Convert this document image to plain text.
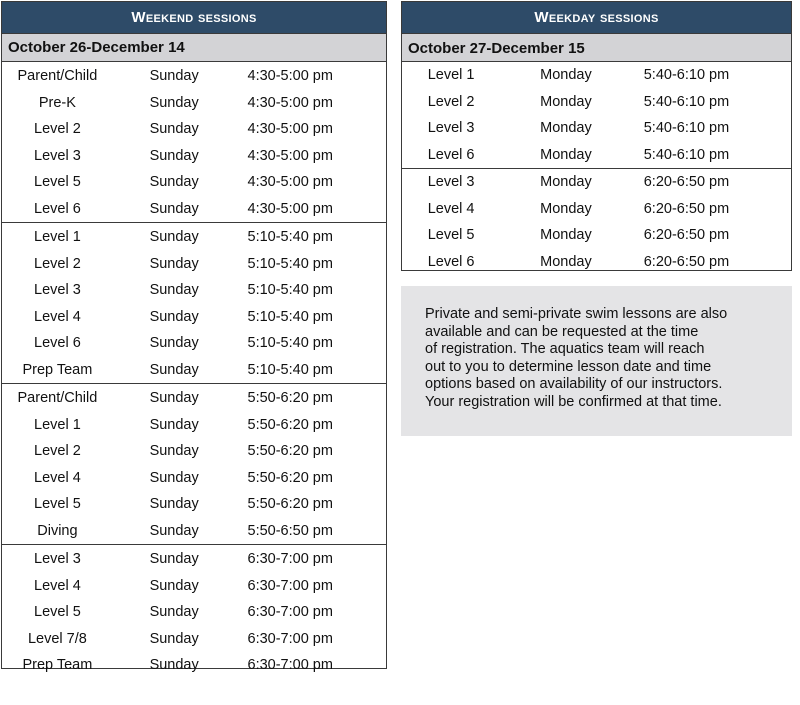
Weekend sessions
October 26-December 14
Parent/Child	Sunday	4:30-5:00 pm
Pre-K	Sunday	4:30-5:00 pm
Level 2	Sunday	4:30-5:00 pm
Level 3	Sunday	4:30-5:00 pm
Level 5	Sunday	4:30-5:00 pm
Level 6	Sunday	4:30-5:00 pm
Level 1	Sunday	5:10-5:40 pm
Level 2	Sunday	5:10-5:40 pm
Level 3	Sunday	5:10-5:40 pm
Level 4	Sunday	5:10-5:40 pm
Level 6	Sunday	5:10-5:40 pm
Prep Team	Sunday	5:10-5:40 pm
Parent/Child	Sunday	5:50-6:20 pm
Level 1	Sunday	5:50-6:20 pm
Level 2	Sunday	5:50-6:20 pm
Level 4	Sunday	5:50-6:20 pm
Level 5	Sunday	5:50-6:20 pm
Diving	Sunday	5:50-6:50 pm
Level 3	Sunday	6:30-7:00 pm
Level 4	Sunday	6:30-7:00 pm
Level 5	Sunday	6:30-7:00 pm
Level 7/8	Sunday	6:30-7:00 pm
Prep Team	Sunday	6:30-7:00 pm
Weekday sessions
October 27-December 15
Level 1	Monday	5:40-6:10 pm
Level 2	Monday	5:40-6:10 pm
Level 3	Monday	5:40-6:10 pm
Level 6	Monday	5:40-6:10 pm
Level 3	Monday	6:20-6:50 pm
Level 4	Monday	6:20-6:50 pm
Level 5	Monday	6:20-6:50 pm
Level 6	Monday	6:20-6:50 pm

Private and semi-private swim lessons are also

available and can be requested at the time

of registration. The aquatics team will reach

out to you to determine lesson date and time

options based on availability of our instructors.

Your registration will be confirmed at that time.
